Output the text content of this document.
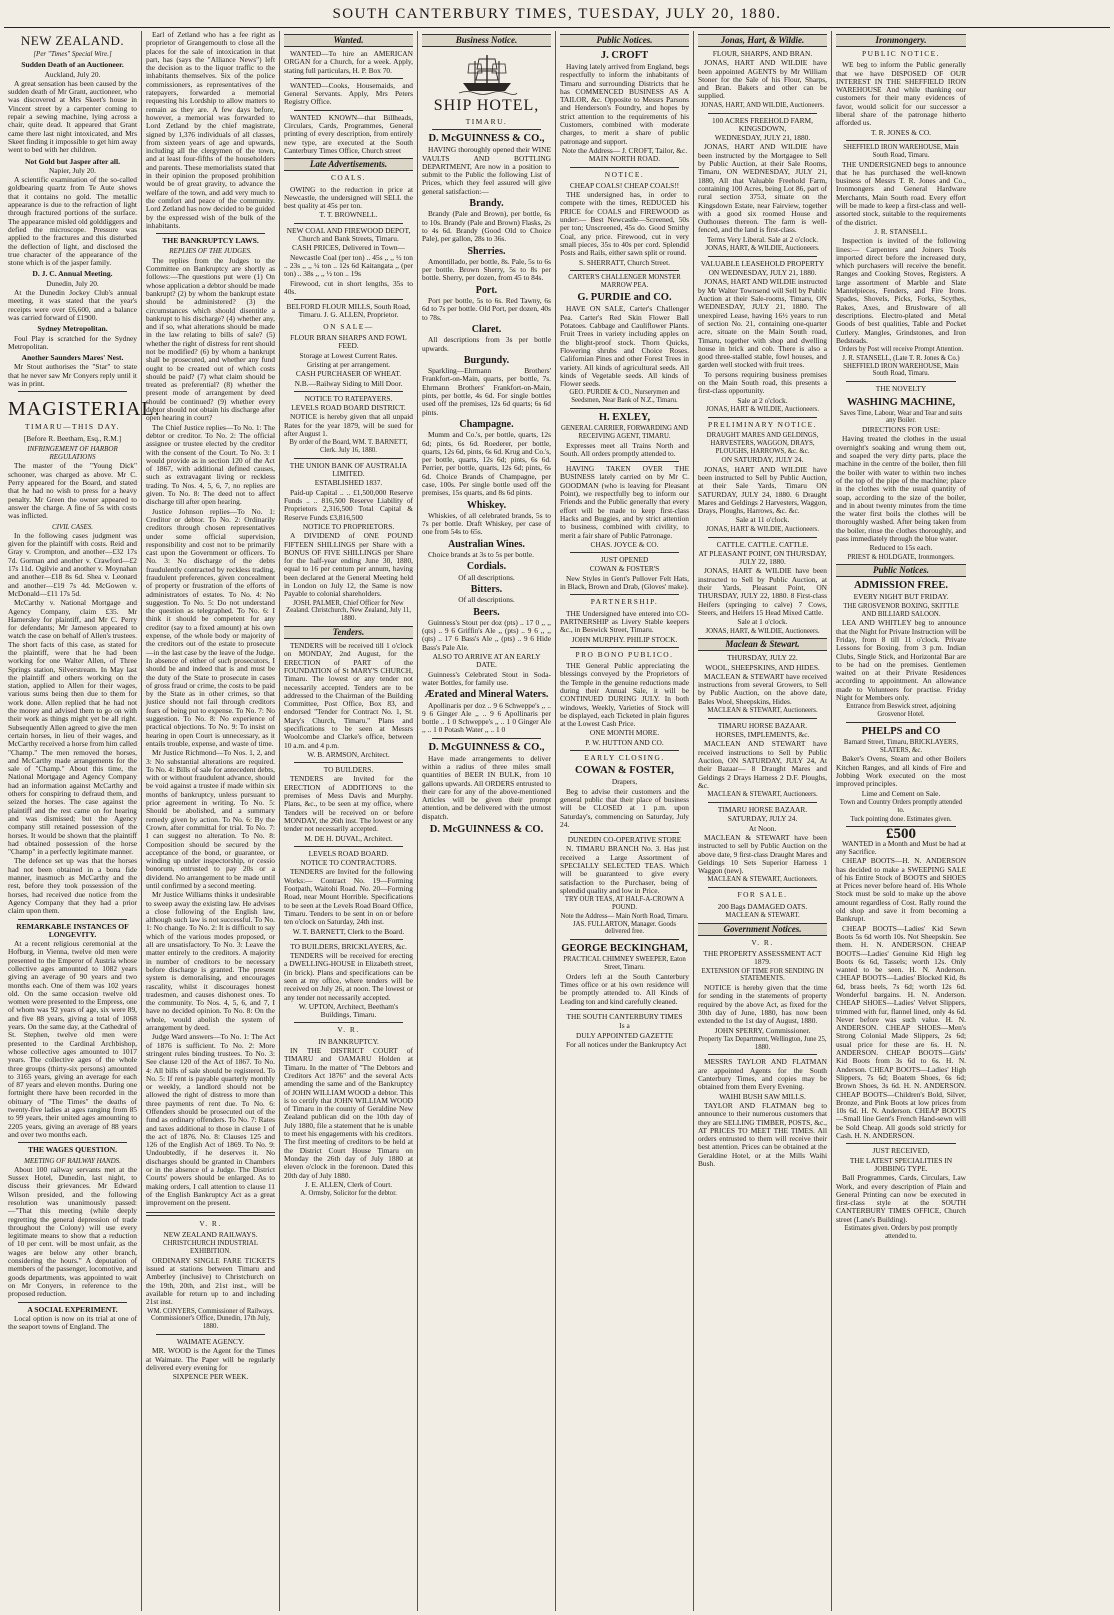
SOUTH CANTERBURY TIMES, TUESDAY, JULY 20, 1880.
NEW ZEALAND.
[Per "Times" Special Wire.]
Sudden Death of an Auctioneer.
Auckland, July 20.

A great sensation has been caused by the sudden death of Mr Grant, auctioneer, who was discovered at Mrs Skeet's house in Vincent street by a carpenter coming to repair a sewing machine, lying across a chair, quite dead. It appeared that Grant came there last night intoxicated, and Mrs Skeet finding it impossible to get him away went to bed with her children.

Not Gold but Jasper after all.
Napier, July 20.

A scientific examination of the so-called goldbearing quartz from Te Aute shows that it contains no gold. The metallic appearance is due to the refraction of light through fractured portions of the surface. The appearance misled old golddiggers and defied the microscope. Pressure was applied to the fractures and this disturbed the deflection of light, and disclosed the true character of the appearance of the stone which is of the jasper family.

D. J. C. Annual Meeting.
Dunedin, July 20.

At the Dunedin Jockey Club's annual meeting, it was stated that the year's receipts were over £6,600, and a balance was carried forward of £1900.

Sydney Metropolitan.

Foul Play is scratched for the Sydney Metropolitan.

Another Saunders Mares' Nest.

Mr Stout authorises the "Star" to state that he never saw Mr Conyers reply until it was in print.

MAGISTERIAL.
TIMARU—THIS DAY.
[Before R. Beetham, Esq., R.M.]
INFRINGEMENT OF HARBOR REGULATIONS

The master of the "Young Dick" schooner, was charged as above. Mr C. Perry appeared for the Board, and stated that he had no wish to press for a heavy penalty. Mr Green the owner appeared to answer the charge. A fine of 5s with costs was inflicted.

CIVIL CASES.

In the following cases judgment was given for the plaintiff with costs. Reid and Gray v. Crompton, and another—£32 17s 7d. Gorman and another v. Crawford—£2 17s 11d. Ogilvie and another v. Moynahan and another—£18 8s 6d. Shea v. Leonard and another—£19 7s 4d. McGowen v. McDonald—£11 17s 5d.

McCarthy v. National Mortgage and Agency Company, claim £35. Mr Hamersley for plaintiff, and Mr C. Perry for defendants; Mr Jameson appeared to watch the case on behalf of Allen's trustees. The short facts of this case, as stated for the plaintiff, were that he had been working for one Walter Allen, of Three Springs station, Silverstream. In May last the plaintiff and others working on the station, applied to Allen for their wages, various sums being then due to them for work done. Allen replied that he had not the money and advised them to go on with their work as things might yet be all right. Subsequently Allen agreed to give the men certain horses, in lieu of their wages, and McCarthy received a horse from him called "Champ." The men removed the horses, and McCarthy made arrangements for the sale of "Champ." About this time, the National Mortgage and Agency Company had an information against McCarthy and others for conspiring to defraud them, and seized the horses. The case against the plaintiff and the rest came on for hearing and was dismissed; but the Agency company still retained possession of the horses. It would be shown that the plaintiff had obtained possession of the horse "Champ" in a perfectly legitimate manner.

The defence set up was that the horses had not been obtained in a bona fide manner, inasmuch as McCarthy and the rest, before they took possession of the horses, had received due notice from the Agency Company that they had a prior claim upon them.

REMARKABLE INSTANCES OF LONGEVITY.

At a recent religious ceremonial at the Hofburg, in Vienna, twelve old men were presented to the Emperor of Austria whose collective ages amounted to 1082 years giving an average of 90 years and two months each. One of them was 102 years old. On the same occasion twelve old women were presented to the Empress, one of whom was 92 years of age, six were 89, and five 88 years, giving a total of 1068 years. On the same day, at the Cathedral of St. Stephen, twelve old men were presented to the Cardinal Archbishop, whose collective ages amounted to 1017 years. The collective ages of the whole three groups (thirty-six persons) amounted to 3165 years, giving an average for each of 87 years and eleven months. During one fortnight there have been recorded in the obituary of "The Times" the deaths of twenty-five ladies at ages ranging from 85 to 99 years, their united ages amounting to 2205 years, giving an average of 88 years and over two months each.

THE WAGES QUESTION.
MEETING OF RAILWAY HANDS.

About 100 railway servants met at the Sussex Hotel, Dunedin, last night, to discuss their grievances. Mr Edward Wilson presided, and the following resolution was unanimously passed:—"That this meeting (while deeply regretting the general depression of trade throughout the Colony) will use every legitimate means to show that a reduction of 10 per cent. will be most unfair, as the wages are below any other branch, considering the hours." A deputation of members of the passenger, locomotive, and goods departments, was appointed to wait on Mr Conyers, in reference to the proposed reduction.

A SOCIAL EXPERIMENT.

Local option is now on its trial at one of the seaport towns of England. The

Earl of Zetland who has a fee right as proprietor of Grangemouth to close all the places for the sale of intoxication in that part, has (says the "Alliance News") left the decision as to the liquor traffic to the inhabitants themselves. Six of the police commissioners, as representatives of the ratepayers, forwarded a memorial requesting his Lordship to allow matters to remain as they are. A few days before, however, a memorial was forwarded to Lord Zetland by the chief magistrate, signed by 1,376 individuals of all classes, from sixteen years of age and upwards, including all the clergymen of the town, and at least four-fifths of the householders and parents. These memorialists stated that in their opinion the proposed prohibition would be of great gravity, to advance the welfare of the town, and add very much to the comfort and peace of the community. Lord Zetland has now decided to be guided by the expressed wish of the bulk of the inhabitants.

THE BANKRUPTCY LAWS.
REPLIES OF THE JUDGES.

The replies from the Judges to the Committee on Bankruptcy are shortly as follows:—The questions put were (1) On whose application a debtor should be made bankrupt? (2) by whom the bankrupt estate should be administered? (3) the circumstances which should disentitle a bankrupt to his discharge? (4) whether any, and if so, what alterations should be made in the law relating to bills of sale? (5) whether the right of distress for rent should not be modified? (6) by whom a bankrupt shall be prosecuted, and whether any fund ought to be created out of which costs should be paid? (7) what claim should be treated as preferential? (8) whether the present mode of arrangement by deed should be continued? (9) whether every debtor should not obtain his discharge after open hearing in court?

The Chief Justice replies—To No. 1: The debtor or creditor. To No. 2: The official assignee or trustee elected by the creditor with the consent of the Court. To No. 3: I would provide as in section 120 of the Act of 1867, with additional defined causes, such as extravagant living or reckless trading. To Nos. 4, 5, 6, 7, no replies are given. To No. 8: The deed not to affect discharge till after open hearing.

Justice Johnson replies—To No. 1: Creditor or debtor. To No. 2: Ordinarily creditors through chosen representatives under some official supervision, responsibility and cost not to be primarily cast upon the Government or officers. To No. 3: No discharge of the debts fraudulently contracted by reckless trading, fraudulent preferences, given concealment of property or frustration of the efforts of administrators of estates. To No. 4: No suggestion. To No. 5: Do not understand the question as telegraphed. To No. 6: I think it should be competent for any creditor (say to a fixed amount) at his own expense, of the whole body or majority of the creditors out of the estate to prosecute—in the last case by the leave of the Judge. In absence of either of such prosecutors, I should be and indeed that is and must be the duty of the State to prosecute in cases of gross fraud or crime, the costs to be paid by the State as in other crimes, so that justice should not fail through creditors fears of being put to expense. To No. 7: No suggestion. To No. 8: No experience of practical objections. To No. 9: To insist on hearing in open Court is unnecessary, as it entails trouble, expense, and waste of time.

Mr Justice Richmond—To Nos. 1, 2, and 3: No substantial alterations are required. To No. 4: Bills of sale for antecedent debts, with or without fraudulent advance, should be void against a trustee if made within six months of bankruptcy, unless pursuant to prior agreement in writing. To No. 5: Should be abolished, and a summary remedy given by action. To No. 6: By the Crown, after committal for trial. To No. 7: I can suggest no alteration. To No. 8: Composition should be secured by the acceptance of the bond, or guarantee, or winding up under inspectorship, or cessio bonorum, entrusted to pay 20s or a dividend. No arrangement to be made until until confirmed by a second meeting.

Mr Justice Williams thinks it undesirable to sweep away the existing law. He advises a close following of the English law, although such law is not successful. To No. 1: No change. To No. 2: It is difficult to say which of the various modes proposed, or all are unsatisfactory. To No. 3: Leave the matter entirely to the creditors. A majority in number of creditors to be necessary before discharge is granted. The present system is demoralising, and encourages rascality, whilst it discourages honest tradesmen, and causes dishonest ones. To the community. To Nos. 4, 5, 6, and 7, I have no decided opinion. To No. 8: On the whole, would abolish the system of arrangement by deed.

Judge Ward answers—To No. 1: The Act of 1876 is sufficient. To No. 2: More stringent rules binding trustees. To No. 3: See clause 120 of the Act of 1867. To No. 4: All bills of sale should be registered. To No. 5: If rent is payable quarterly monthly or weekly, a landlord should not be allowed the right of distress to more than three payments of rent due. To No. 6: Offenders should be prosecuted out of the fund as ordinary offenders. To No. 7: Rates and taxes additional to those in clause 1 of the act of 1876. No. 8: Clauses 125 and 126 of the English Act of 1869. To No. 9: Undoubtedly, if he deserves it. No discharges should be granted in Chambers or in the absence of a Judge. The District Courts' powers should be enlarged. As to making orders, I call attention to clause 11 of the English Bankruptcy Act as a great improvement on the present.

V. R.
NEW ZEALAND RAILWAYS.
CHRISTCHURCH INDUSTRIAL EXHIBITION.

ORDINARY SINGLE FARE TICKETS issued at stations between Timaru and Amberley (inclusive) to Christchurch on the 19th, 20th, and 21st inst., will be available for return up to and including 21st inst.

WM. CONYERS, Commissioner of Railways. Commissioner's Office, Dunedin, 17th July, 1880.
WAIMATE AGENCY.

MR. WOOD is the Agent for the Times at Waimate. The Paper will be regularly delivered every evening for

SIXPENCE PER WEEK.
Wanted.

WANTED—To hire an AMERICAN ORGAN for a Church, for a week. Apply, stating full particulars, H. P. Box 70.

WANTED—Cooks, Housemaids, and General Servants. Apply, Mrs Peters Registry Office.

WANTED KNOWN—that Billheads, Circulars, Cards, Programmes, General printing of every description, from entirely new type, are executed at the South Canterbury Times Office, Church street

Late Advertisements.
COALS.

OWING to the reduction in price at Newcastle, the undersigned will SELL the best quality at 45s per ton.

T. T. BROWNELL.
NEW COAL AND FIREWOOD DEPOT, Church and Bank Streets, Timaru.
CASH PRICES, Delivered in Town—

Newcastle Coal (per ton) .. 45s ,, ,, ½ ton .. 23s ,, ,, ¼ ton .. 12s 6d Kaitangata ,, (per ton) .. 38s ,, ,, ½ ton .. 19s

Firewood, cut in short lengths, 35s to 40s.

BELFORD FLOUR MILLS, South Road, Timaru. J. G. ALLEN, Proprietor.
ON SALE—
FLOUR BRAN SHARPS AND FOWL FEED.
Storage at Lowest Current Rates.
Gristing at per arrangement.
CASH PURCHASER OF WHEAT.
N.B.—Railway Siding to Mill Door.
NOTICE TO RATEPAYERS.
LEVELS ROAD BOARD DISTRICT.

NOTICE is hereby given that all unpaid Rates for the year 1879, will be sued for after August 1.

By order of the Board, WM. T. BARNETT, Clerk. July 16, 1880.
THE UNION BANK OF AUSTRALIA LIMITED.
ESTABLISHED 1837.

Paid-up Capital .. .. £1,500,000 Reserve Funds .. .. 816,500 Reserve Liability of Proprietors 2,316,500 Total Capital & Reserve Funds £3,816,500

NOTICE TO PROPRIETORS.

A DIVIDEND of ONE POUND FIFTEEN SHILLINGS per Share with a BONUS OF FIVE SHILLINGS per Share for the half-year ending June 30, 1880, equal to 16 per centum per annum, having been declared at the General Meeting held in London on July 12, the Same is now Payable to colonial shareholders.

JOSH. PALMER, Chief Officer for New Zealand. Christchurch, New Zealand, July 11, 1880.
Tenders.

TENDERS will be received till 1 o'clock on MONDAY, 2nd August, for the ERECTION of PART of the FOUNDATION of St MARY'S CHURCH, Timaru. The lowest or any tender not necessarily accepted. Tenders are to be addressed to the Chairman of the Building Committee, Post Office, Box 83, and endorsed "Tender for Contract No. 1, St. Mary's Church, Timaru." Plans and specifications to be seen at Messrs Woolcombe and Clarke's office, between 10 a.m. and 4 p.m.

W. B. ARMSON, Architect.
TO BUILDERS.

TENDERS are Invited for the ERECTION of ADDITIONS to the premises of Mess Davis and Murphy. Plans, &c., to be seen at my office, where Tenders will be received on or before MONDAY, the 26th inst. The lowest or any tender not necessarily accepted.

M. DE H. DUVAL, Architect.
LEVELS ROAD BOARD.
NOTICE TO CONTRACTORS.

TENDERS are Invited for the following Works:— Contract No. 19—Forming Footpath, Waitohi Road. No. 20—Forming Road, near Mount Horrible. Specifications to be seen at the Levels Road Board Office, Timaru. Tenders to be sent in on or before ten o'clock on Saturday, 24th inst.

W. T. BARNETT, Clerk to the Board.
TO BUILDERS, BRICKLAYERS, &c.

TENDERS will be received for erecting a DWELLING-HOUSE in Elizabeth street, (in brick). Plans and specifications can be seen at my office, where tenders will be received on July 26, at noon. The lowest or any tender not necessarily accepted.

W. UPTON, Architect, Beetham's Buildings, Timaru.
V. R.
IN BANKRUPTCY.

IN THE DISTRICT COURT of TIMARU and OAMARU Holden at Timaru. In the matter of "The Debtors and Creditors Act 1876" and the several Acts amending the same and of the Bankruptcy of JOHN WILLIAM WOOD a debtor. This is to certify that JOHN WILLIAM WOOD of Timaru in the county of Geraldine New Zealand publican did on the 10th day of July 1880, file a statement that he is unable to meet his engagements with his creditors. The first meeting of creditors to be held at the District Court House Timaru on Monday the 26th day of July 1880 at eleven o'clock in the forenoon. Dated this 20th day of July 1880.

J. E. ALLEN, Clerk of Court.
A. Ormsby, Solicitor for the debtor.
Business Notice.
SHIP HOTEL,
TIMARU.
D. McGUINNESS & CO.,

HAVING thoroughly opened their WINE VAULTS AND BOTTLING DEPARTMENT, Are now in a position to submit to the Public the following List of Prices, which they feel assured will give general satisfaction:—

Brandy.

Brandy (Pale and Brown), per bottle, 6s to 10s. Brandy (Pale and Brown) Flasks, 2s to 4s 6d. Brandy (Good Old to Choice Pale), per gallon, 28s to 36s.

Sherries.

Amontillado, per bottle, 8s. Pale, 5s to 6s per bottle. Brown Sherry, 5s to 8s per bottle. Sherry, per dozen, from 45 to 84s.

Port.

Port per bottle, 5s to 6s. Red Tawny, 6s 6d to 7s per bottle. Old Port, per dozen, 40s to 78s.

Claret.

All descriptions from 3s per bottle upwards.

Burgundy.

Sparkling—Ehrmann Brothers' Frankfort-on-Main, quarts, per bottle, 7s. Ehrmann Brothers' Frankfort-on-Main, pints, per bottle, 4s 6d. For single bottles used off the premises, 12s 6d quarts; 6s 6d pints.

Champagne.

Mumm and Co.'s, per bottle, quarts, 12s 6d; pints, 6s 6d. Roederer, per bottle, quarts, 12s 6d, pints, 6s 6d. Krug and Co.'s, per bottle, quarts, 12s 6d; pints, 6s 6d. Perrier, per bottle, quarts, 12s 6d; pints, 6s 6d. Choice Brands of Champagne, per case, 100s. Per single bottle used off the premises, 15s quarts, and 8s 6d pints.

Whiskey.

Whiskies, of all celebrated brands, 5s to 7s per bottle. Draft Whiskey, per case of one from 54s to 65s.

Australian Wines.

Choice brands at 3s to 5s per bottle.

Cordials.
Of all descriptions.
Bitters.
Of all descriptions.
Beers.

Guinness's Stout per doz (pts) .. 17 0 ,, ,, (qts) .. 9 6 Griffin's Ale ,, (pts) .. 9 6 ,, ,, (qts) .. 17 6 Bass's Ale ,, (pts) .. 9 6 Hide Bass's Pale Ale.

ALSO TO ARRIVE AT AN EARLY DATE.

Guinness's Celebrated Stout in Soda-water Bottles, for family use.

Ærated and Mineral Waters.

Apollinaris per doz .. 9 6 Schweppe's ,, .. 9 6 Ginger Ale ,, .. 9 6 Apollinaris per bottle .. 1 0 Schweppe's ,, .. 1 0 Ginger Ale ,, .. 1 0 Potash Water ,, .. 1 0

D. McGUINNESS & CO.,

Have made arrangements to deliver within a radius of three miles small quantities of BEER IN BULK, from 10 gallons upwards. All ORDERS entrusted to their care for any of the above-mentioned Articles will be given their prompt attention, and be delivered with the utmost dispatch.

D. McGUINNESS & CO.
Public Notices.
J. CROFT

Having lately arrived from England, begs respectfully to inform the inhabitants of Timaru and surrounding Districts that he has COMMENCED BUSINESS AS A TAILOR, &c. Opposite to Messrs Parsons and Henderson's Foundry, and hopes by strict attention to the requirements of his Customers, combined with moderate charges, to merit a share of public patronage and support.

Note the Address— J. CROFT, Tailor, &c. MAIN NORTH ROAD.
NOTICE.
CHEAP COALS! CHEAP COALS!!

THE undersigned has, in order to compete with the times, REDUCED his PRICE for COALS and FIREWOOD as under:— Best Newcastle—Screened, 50s per ton; Unscreened, 45s do. Good Smithy Coal, any price. Firewood, cut in very small pieces, 35s to 40s per cord. Splendid Posts and Rails, either sawn split or round.

S. SHERRATT, Church Street.
CARTER'S CHALLENGER MONSTER MARROW PEA.
G. PURDIE and CO.

HAVE ON SALE, Carter's Challenger Pea. Carter's Red Skin Flower Ball Potatoes. Cabbage and Cauliflower Plants. Fruit Trees in variety including apples on the blight-proof stock. Thorn Quicks, Flowering shrubs and Choice Roses. Californian Pines and other Forest Trees in variety. All kinds of agricultural seeds. All kinds of Vegetable seeds. All kinds of Flower seeds.

GEO. PURDIE & CO., Nurserymen and Seedsmen, Near Bank of N.Z., Timaru.
H. EXLEY,
GENERAL CARRIER, FORWARDING AND RECEIVING AGENT, TIMARU.

Expresses meet all Trains North and South. All orders promptly attended to.

HAVING TAKEN OVER THE BUSINESS lately carried on by Mr C. GOODMAN (who is leaving for Pleasant Point), we respectfully beg to inform our Friends and the Public generally that every effort will be made to keep first-class Hacks and Buggies, and by strict attention to business, combined with civility, to merit a fair share of Public Patronage.

CHAS. JOYCE & CO.
JUST OPENED
COWAN & FOSTER'S

New Styles in Gent's Pullover Felt Hats, in Black, Brown and Drab, (Gloves' make).

PARTNERSHIP.

THE Undersigned have entered into CO-PARTNERSHIP as Livery Stable keepers &c., in Beswick Street, Timaru.

JOHN MURPHY. PHILIP STOCK.
PRO BONO PUBLICO.

THE General Public appreciating the blessings conveyed by the Proprietors of the Temple in the genuine reductions made during their Annual Sale, it will be CONTINUED DURING JULY. In both windows, Weekly, Varieties of Stock will be displayed, each Ticketed in plain figures at the Lowest Cash Price.

ONE MONTH MORE.
P. W. HUTTON AND CO.
EARLY CLOSING.
COWAN & FOSTER,
Drapers,

Beg to advise their customers and the general public that their place of business will be CLOSED at 1 p.m. upon Saturday's, commencing on Saturday, July 24.

DUNEDIN CO-OPERATIVE STORE

N. TIMARU BRANCH No. 3. Has just received a Large Assortment of SPECIALLY SELECTED TEAS. Which will be guaranteed to give every satisfaction to the Purchaser, being of splendid quality and low in Price.

TRY OUR TEAS, AT HALF-A-CROWN A POUND.
Note the Address— Main North Road, Timaru. JAS. FULLARTON, Manager. Goods delivered free.
GEORGE BECKINGHAM,
PRACTICAL CHIMNEY SWEEPER, Eaton Street, Timaru.

Orders left at the South Canterbury Times office or at his own residence will be promptly attended to. All Kinds of Leading ton and kind carefully cleaned.

THE SOUTH CANTERBURY TIMES
Is a
DULY APPOINTED GAZETTE

For all notices under the Bankruptcy Act

Jonas, Hart, & Wildie.
FLOUR, SHARPS, AND BRAN.

JONAS, HART AND WILDIE have been appointed AGENTS by Mr William Stoner for the Sale of his Flour, Sharps, and Bran. Bakers and other can be supplied.

JONAS, HART, AND WILDIE, Auctioneers.
100 ACRES FREEHOLD FARM, KINGSDOWN,
WEDNESDAY, JULY 21, 1880.

JONAS, HART AND WILDIE have been instructed by the Mortgagee to Sell by Public Auction, at their Sale Rooms, Timaru, ON WEDNESDAY, JULY 21, 1880, All that Valuable Freehold Farm, containing 100 Acres, being Lot 86, part of rural section 3753, situate on the Kingsdown Estate, near Fairview, together with a good six roomed House and Outhouses thereon. The farm is well-fenced, and the land is first-class.

Terms Very Liberal. Sale at 2 o'clock.
JONAS, HART, & WILDIE, Auctioneers.
VALUABLE LEASEHOLD PROPERTY
ON WEDNESDAY, JULY 21, 1880.

JONAS, HART AND WILDIE instructed by Mr Walter Townsend will Sell by Public Auction at their Sale-rooms, Timaru, ON WEDNESDAY, JULY 21, 1880. The unexpired Lease, having 16½ years to run of section No. 21, containing one-quarter acre, situate on the Main South road, Timaru, together with shop and dwelling house in brick and cob. There is also a good three-stalled stable, fowl houses, and garden well stocked with fruit trees.

To persons requiring business premises on the Main South road, this presents a first-class opportunity.

Sale at 2 o'clock.
JONAS, HART & WILDIE, Auctioneers.
PRELIMINARY NOTICE.
DRAUGHT MARES AND GELDINGS, HARVESTERS, WAGGON, DRAYS, PLOUGHS, HARROWS, &c. &c.
ON SATURDAY, JULY 24.

JONAS, HART AND WILDIE have been instructed to Sell by Public Auction, at their Sale Yards, Timaru ON SATURDAY, JULY 24, 1880. 6 Draught Mares and Geldings 2 Harvesters, Waggon, Drays, Ploughs, Harrows, &c. &c.

Sale at 11 o'clock.
JONAS, HART & WILDIE, Auctioneers.
CATTLE. CATTLE. CATTLE.
AT PLEASANT POINT, ON THURSDAY, JULY 22, 1880.

JONAS, HART & WILDIE have been instructed to Sell by Public Auction, at their Yards, Pleasant Point, ON THURSDAY, JULY 22, 1880. 8 First-class Heifers (springing to calve) 7 Cows, Steers, and Heifers 15 Head Mixed Cattle.

Sale at 1 o'clock.
JONAS, HART, & WILDIE, Auctioneers.
Maclean & Stewart.
THURSDAY, JULY 22.
WOOL, SHEEPSKINS, AND HIDES.

MACLEAN & STEWART have received instructions from several Growers, to Sell by Public Auction, on the above date, Bales Wool, Sheepskins, Hides.

MACLEAN & STEWART, Auctioneers.
TIMARU HORSE BAZAAR.
HORSES, IMPLEMENTS, &c.

MACLEAN AND STEWART have received instructions to Sell by Public Auction, ON SATURDAY, JULY 24, At their Bazaar— 8 Draught Mares and Geldings 2 Drays Harness 2 D.F. Ploughs, &c.

MACLEAN & STEWART, Auctioneers.
TIMARU HORSE BAZAAR.
SATURDAY, JULY 24.
At Noon.

MACLEAN & STEWART have been instructed to sell by Public Auction on the above date, 9 first-class Draught Mares and Geldings 10 Sets Superior Harness 1 Waggon (new).

MACLEAN & STEWART, Auctioneers.
FOR SALE.
200 Bags DAMAGED OATS.
MACLEAN & STEWART.
Government Notices.
V. R.
THE PROPERTY ASSESSMENT ACT 1879.
EXTENSION OF TIME FOR SENDING IN STATEMENTS.

NOTICE is hereby given that the time for sending in the statements of property required by the above Act, as fixed for the 30th day of June, 1880, has now been extended to the 1st day of August, 1880.

JOHN SPERRY, Commissioner.
Property Tax Department, Wellington, June 25, 1880.

MESSRS TAYLOR AND FLATMAN are appointed Agents for the South Canterbury Times, and copies may be obtained from them Every Evening.

WAIHI BUSH SAW MILLS.

TAYLOR AND FLATMAN beg to announce to their numerous customers that they are SELLING TIMBER, POSTS, &c., AT PRICES TO MEET THE TIMES. All orders entrusted to them will receive their best attention. Prices can be obtained at the Geraldine Hotel, or at the Mills Waihi Bush.

Ironmongery.
PUBLIC NOTICE.

WE beg to inform the Public generally that we have DISPOSED OF OUR INTEREST IN THE SHEFFIELD IRON WAREHOUSE And while thanking our customers for their many evidences of favor, would solicit for our successor a liberal share of the patronage hitherto afforded us.

T. R. JONES & CO.
SHEFFIELD IRON WAREHOUSE, Main South Road, Timaru.

THE UNDERSIGNED begs to announce that he has purchased the well-known business of Messrs T. R. Jones and Co., Ironmongers and General Hardware Merchants, Main South road. Every effort will be made to keep a first-class and well-assorted stock, suitable to the requirements of the district.

J. R. STANSELL.

Inspection is invited of the following lines:— Carpenters and Joiners Tools imported direct before the increased duty, which purchasers will receive the benefit. Ranges and Cooking Stoves, Registers. A large assortment of Marble and Slate Mantelpieces, Fenders, and Fire Irons. Spades, Shovels, Picks, Forks, Scythes, Rakes, Axes, and Brushware of all descriptions. Electro-plated and Metal Goods of best qualities, Table and Pocket Cutlery. Mangles, Grindstones, and Iron Bedsteads.

Orders by Post will receive Prompt Attention.
J. R. STANSELL, (Late T. R. Jones & Co.) SHEFFIELD IRON WAREHOUSE, Main South Road, Timaru.
THE NOVELTY
WASHING MACHINE,
Saves Time, Labour, Wear and Tear and suits any Boiler.
DIRECTIONS FOR USE:

Having treated the clothes in the usual overnight's soaking and wrung them out, and soaped the very dirty parts, place the machine in the centre of the boiler, then fill the boiler with water to within two inches of the top of the pipe of the machine; place in the clothes with the usual quantity of soap, according to the size of the boiler, and in about twenty minutes from the time the water first boils the clothes will be thoroughly washed. After being taken from the boiler, rinse the clothes thoroughly, and pass immediately through the blue water.

Reduced to 15s each.
PRIEST & HOLDGATE, Ironmongers.
Public Notices.
ADMISSION FREE.
EVERY NIGHT BUT FRIDAY.
THE GROSVENOR BOXING, SKITTLE AND BILLIARD SALOON.

LEA AND WHITLEY beg to announce that the Night for Private Instruction will be Friday, from 8 till 11 o'clock. Private Lessons for Boxing, from 3 p.m. Indian Clubs, Single Stick, and Horizontal Bar are to be had on the premises. Gentlemen waited on at their Private Residences according to appointment. An allowance made to Volunteers for practise. Friday Night for Members only.

Entrance from Beswick street, adjoining Grosvenor Hotel.
PHELPS and CO
Barnard Street, Timaru, BRICKLAYERS, SLATERS, &c.

Baker's Ovens, Steam and other Boilers Kitchen Ranges, and all kinds of Fire and Jobbing Work executed on the most improved principles.

Lime and Cement on Sale.
Town and Country Orders promptly attended to.
Tuck pointing done. Estimates given.
£500

WANTED in a Month and Must be had at any Sacrifice.

CHEAP BOOTS—H. N. ANDERSON has decided to make a SWEEPING SALE of his Entire Stock of BOOTS and SHOES at Prices never before heard of. His Whole Stock must be sold to make up the above amount regardless of Cost. Rally round the old shop and save it from becoming a Bankrupt.

CHEAP BOOTS—Ladies' Kid Sewn Boots 5s 6d worth 10s. Not Sheepskin. See them. H. N. ANDERSON. CHEAP BOOTS—Ladies' Genuine Kid High leg Boots 6s 6d, Tassels; worth 12s. Only wanted to be seen. H. N. Anderson. CHEAP BOOTS—Ladies' Blocked Kid, 8s 6d, brass heels, 7s 6d; worth 12s 6d. Wonderful bargains. H. N. Anderson. CHEAP SHOES—Ladies' Velvet Slippers, trimmed with fur, flannel lined, only 4s 6d. Never before was such value. H. N. ANDERSON. CHEAP SHOES—Men's Strong Colonial Made Slippers, 2s 6d; usual price for these are 6s. H. N. ANDERSON. CHEAP BOOTS—Girls' Kid Boots from 3s 6d to 6s. H. N. Anderson. CHEAP BOOTS—Ladies' High Slippers, 7s 6d; Boatem Shoes, 6s 6d; Brown Shoes, 3s 6d. H. N. ANDERSON. CHEAP BOOTS—Children's Bold, Silver, Bronze, and Pink Boots at low prices from 10s 6d. H. N. Anderson. CHEAP BOOTS—Small line Gent's French Hand-sewn will be Sold Cheap. All goods sold strictly for Cash. H. N. ANDERSON.

JUST RECEIVED,
THE LATEST SPECIALITIES IN JOBBING TYPE.

Ball Programmes, Cards, Circulars, Law Work, and every description of Plain and General Printing can now be executed in first-class style at the SOUTH CANTERBURY TIMES OFFICE, Church street (Lane's Building).

Estimates given. Orders by post promptly attended to.
